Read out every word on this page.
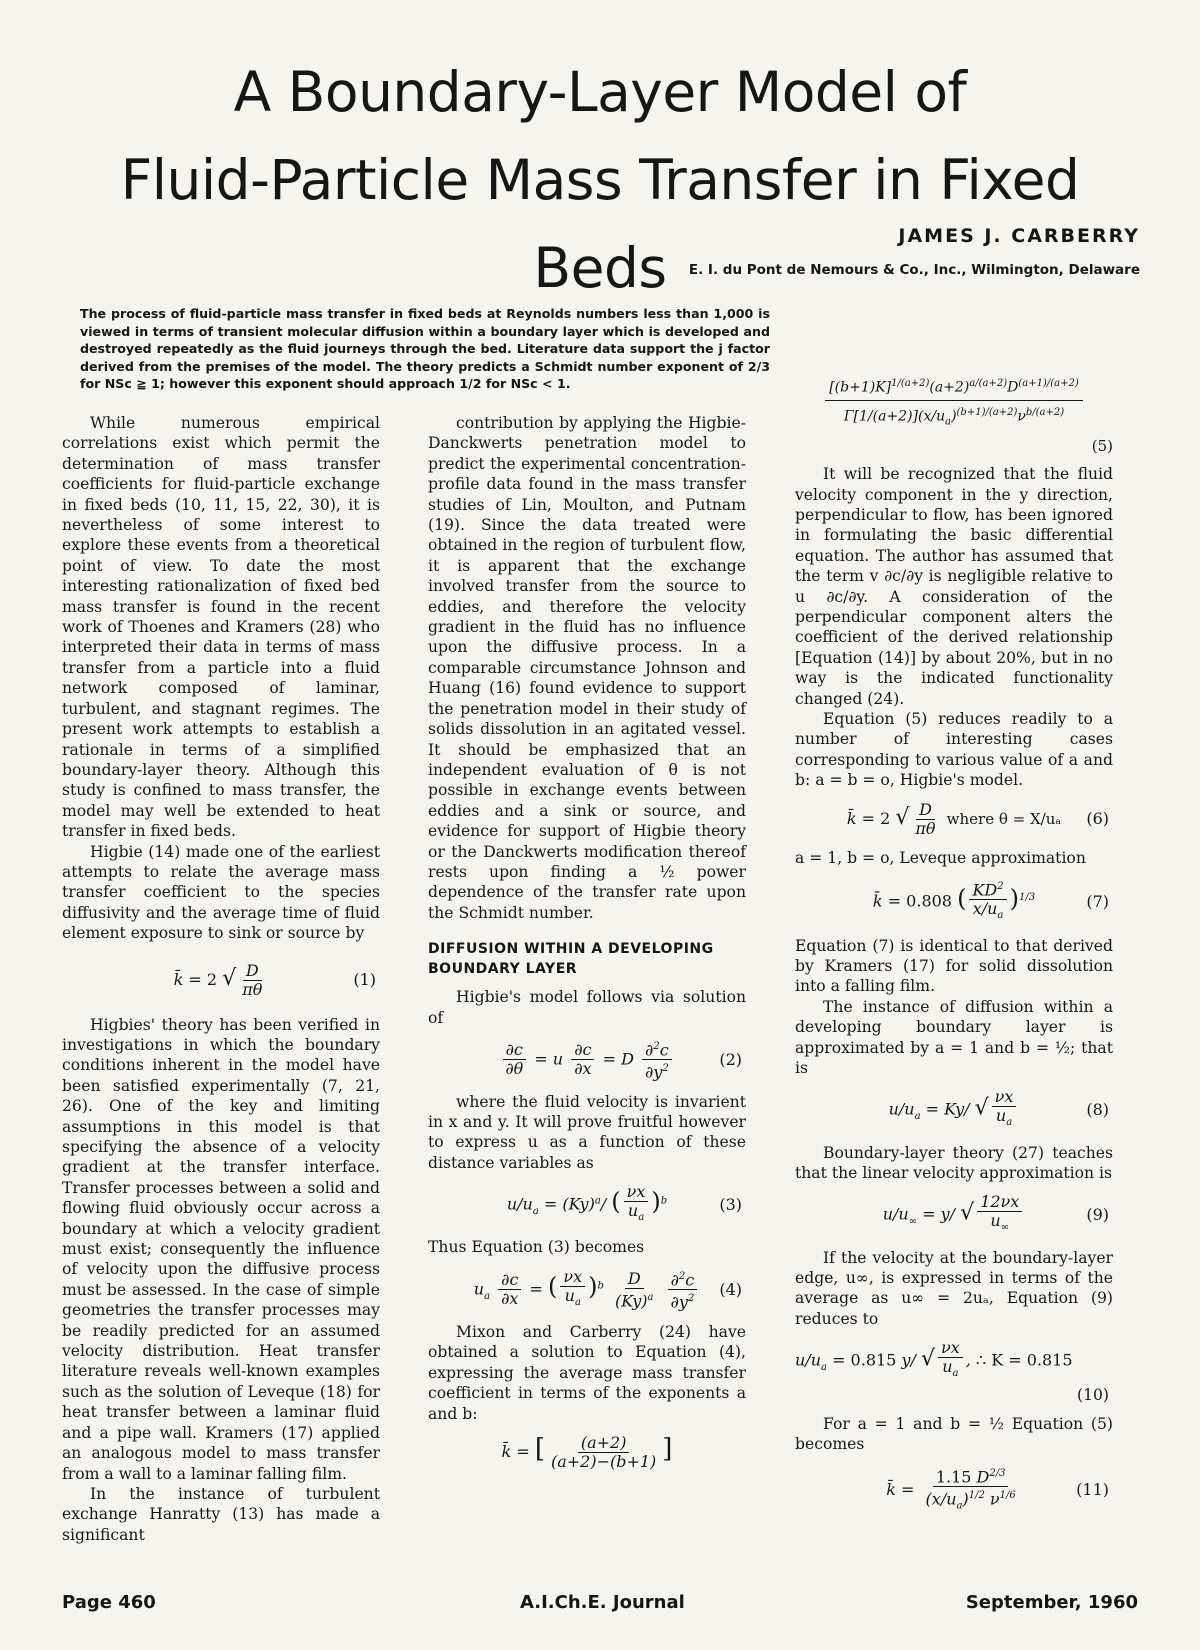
A Boundary-Layer Model of
Fluid-Particle Mass Transfer in Fixed Beds	JAMES J. CARBERRY
E. I. du Pont de Nemours & Co., Inc., Wilmington, Delaware
The process of fluid-particle mass transfer in fixed beds at Reynolds numbers less than 1,000 is viewed in terms of transient molecular diffusion within a boundary layer which is developed and destroyed repeatedly as the fluid journeys through the bed. Literature data support the j factor derived from the premises of the model. The theory predicts a Schmidt number exponent of 2/3 for NSc ≧ 1; however this exponent should approach 1/2 for NSc < 1.

While numerous empirical correlations exist which permit the determination of mass transfer coefficients for fluid-particle exchange in fixed beds (10, 11, 15, 22, 30), it is nevertheless of some interest to explore these events from a theoretical point of view. To date the most interesting rationalization of fixed bed mass transfer is found in the recent work of Thoenes and Kramers (28) who interpreted their data in terms of mass transfer from a particle into a fluid network composed of laminar, turbulent, and stagnant regimes. The present work attempts to establish a rationale in terms of a simplified boundary-layer theory. Although this study is confined to mass transfer, the model may well be extended to heat transfer in fixed beds.

Higbie (14) made one of the earliest attempts to relate the average mass transfer coefficient to the species diffusivity and the average time of fluid element exposure to sink or source by

k̄ = 2 √ $\frac{D}{\pi\theta}$	(1)

Higbies' theory has been verified in investigations in which the boundary conditions inherent in the model have been satisfied experimentally (7, 21, 26). One of the key and limiting assumptions in this model is that specifying the absence of a velocity gradient at the transfer interface. Transfer processes between a solid and flowing fluid obviously occur across a boundary at which a velocity gradient must exist; consequently the influence of velocity upon the diffusive process must be assessed. In the case of simple geometries the transfer processes may be readily predicted for an assumed velocity distribution. Heat transfer literature reveals well-known examples such as the solution of Leveque (18) for heat transfer between a laminar fluid and a pipe wall. Kramers (17) applied an analogous model to mass transfer from a wall to a laminar falling film.

In the instance of turbulent exchange Hanratty (13) has made a significant

contribution by applying the Higbie-Danckwerts penetration model to predict the experimental concentration-profile data found in the mass transfer studies of Lin, Moulton, and Putnam (19). Since the data treated were obtained in the region of turbulent flow, it is apparent that the exchange involved transfer from the source to eddies, and therefore the velocity gradient in the fluid has no influence upon the diffusive process. In a comparable circumstance Johnson and Huang (16) found evidence to support the penetration model in their study of solids dissolution in an agitated vessel. It should be emphasized that an independent evaluation of θ is not possible in exchange events between eddies and a sink or source, and evidence for support of Higbie theory or the Danckwerts modification thereof rests upon finding a ½ power dependence of the transfer rate upon the Schmidt number.

DIFFUSION WITHIN A DEVELOPING BOUNDARY LAYER

Higbie's model follows via solution of

$\frac{\partial c}{\partial\theta} = u \frac{\partial c}{\partial x} = D \frac{\partial^2c}{\partial y^2}$	(2)

where the fluid velocity is invarient in x and y. It will prove fruitful however to express u as a function of these distance variables as

$u/u_a = (Ky)^a/$ ( $\frac{\nu x}{u_a} )^b$	(3)

Thus Equation (3) becomes

$u_a \frac{\partial c}{\partial x}$ = ( $\frac{\nu x}{u_a} )^b \frac{D}{(Ky)^a}$
$\frac{\partial^2c}{\partial y^2} (4)$

Mixon and Carberry (24) have obtained a solution to Equation (4), expressing the average mass transfer coefficient in terms of the exponents a and b:

k̄ = [ $\frac{(a+2)}{(a+2)-(b+1)}$ ]
$[(b+1)K]^{1/(a+2)}(a+2)^{a/(a+2)}D^{(a+1)/(a+2)}$
$\Gamma[1/(a+2)](x/u_a)^{(b+1)/(a+2)}\nu^{b/(a+2)}$
(5)

It will be recognized that the fluid velocity component in the y direction, perpendicular to flow, has been ignored in formulating the basic differential equation. The author has assumed that the term v ∂c/∂y is negligible relative to u ∂c/∂y. A consideration of the perpendicular component alters the coefficient of the derived relationship [Equation (14)] by about 20%, but in no way is the indicated functionality changed (24).

Equation (5) reduces readily to a number of interesting cases corresponding to various value of a and b: a = b = o, Higbie's model.

k̄ = 2 √ $\frac{D}{\pi\theta}$ where θ = X/uₐ (6)

a = 1, b = o, Leveque approximation

k̄ = 0.808 ( $\frac{KD^2}{x/u_a} )^{1/3}$	(7)

Equation (7) is identical to that derived by Kramers (17) for solid dissolution into a falling film.

The instance of diffusion within a developing boundary layer is approximated by a = 1 and b = ½; that is

$u/u_a = Ky/$ √ $\frac{\nu x}{u_a}$	(8)

Boundary-layer theory (27) teaches that the linear velocity approximation is

$u/u_\infty = y/$ √ $\frac{12\nu x}{u_\infty}$	(9)

If the velocity at the boundary-layer edge, u∞, is expressed in terms of the average as u∞ = 2uₐ, Equation (9) reduces to

$u/u_a = 0.815$ y/ √ $\frac{\nu x}{u_a}$ , ∴ K = 0.815
(10)

For a = 1 and b = ½ Equation (5) becomes

k̄ = $\frac{1.15 D^{2/3}}{(x/u_a)^{1/2} \nu^{1/6}}$	(11)
Page 460	A.I.Ch.E. Journal	September, 1960
